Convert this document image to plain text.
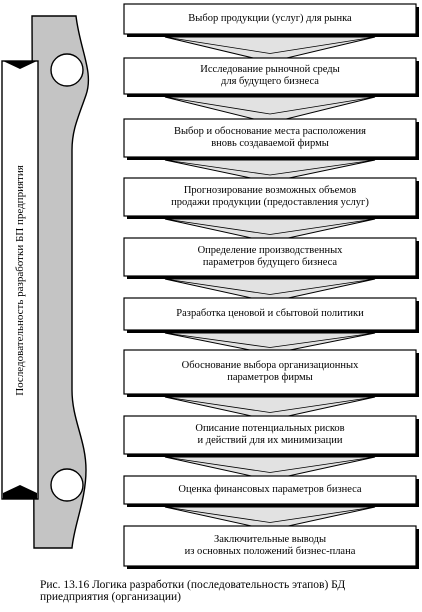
Последовательность разработки БП предприятия
Выбор продукции (услуг) для рынка
Исследование рыночной среды
для будущего бизнеса
Выбор и обоснование места расположения
вновь создаваемой фирмы
Прогнозирование возможных объемов
продажи продукции (предоставления услуг)
Определение производственных
параметров будущего бизнеса
Разработка ценовой и сбытовой политики
Обоснование выбора организационных
параметров фирмы
Описание потенциальных рисков
и действий для их минимизации
Оценка финансовых параметров бизнеса
Заключительные выводы
из основных положений бизнес-плана
Рис. 13.16 Логика разработки (последовательность этапов) БД
приедприятия (организации)
